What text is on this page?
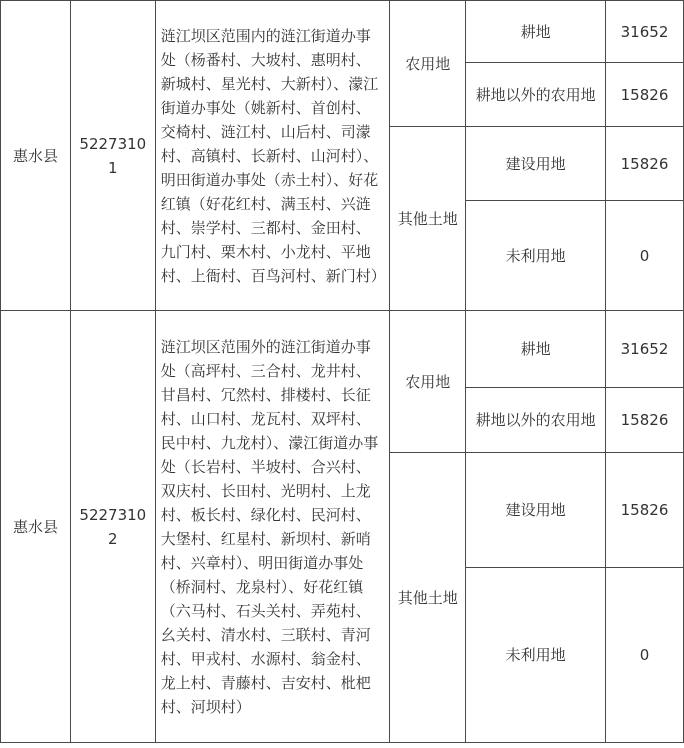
惠水县	52273101	涟江坝区范围内的涟江街道办事处（杨番村、大坡村、惠明村、新城村、星光村、大新村）、濛江街道办事处（姚新村、首创村、交椅村、涟江村、山后村、司濛村、高镇村、长新村、山河村）、明田街道办事处（赤土村）、好花红镇（好花红村、满玉村、兴涟村、崇学村、三都村、金田村、九门村、栗木村、小龙村、平地村、上衙村、百鸟河村、新门村）	农用地	耕地	31652
				耕地以外的农用地	15826
			其他土地	建设用地	15826
				未利用地	0
惠水县	52273102	涟江坝区范围外的涟江街道办事处（高坪村、三合村、龙井村、甘昌村、冗然村、排楼村、长征村、山口村、龙瓦村、双坪村、民中村、九龙村）、濛江街道办事处（长岩村、半坡村、合兴村、双庆村、长田村、光明村、上龙村、板长村、绿化村、民河村、大堡村、红星村、新坝村、新哨村、兴章村）、明田街道办事处（桥洞村、龙泉村）、好花红镇（六马村、石头关村、弄苑村、幺关村、清水村、三联村、青河村、甲戎村、水源村、翁金村、龙上村、青藤村、吉安村、枇杷村、河坝村）	农用地	耕地	31652
				耕地以外的农用地	15826
			其他土地	建设用地	15826
				未利用地	0
